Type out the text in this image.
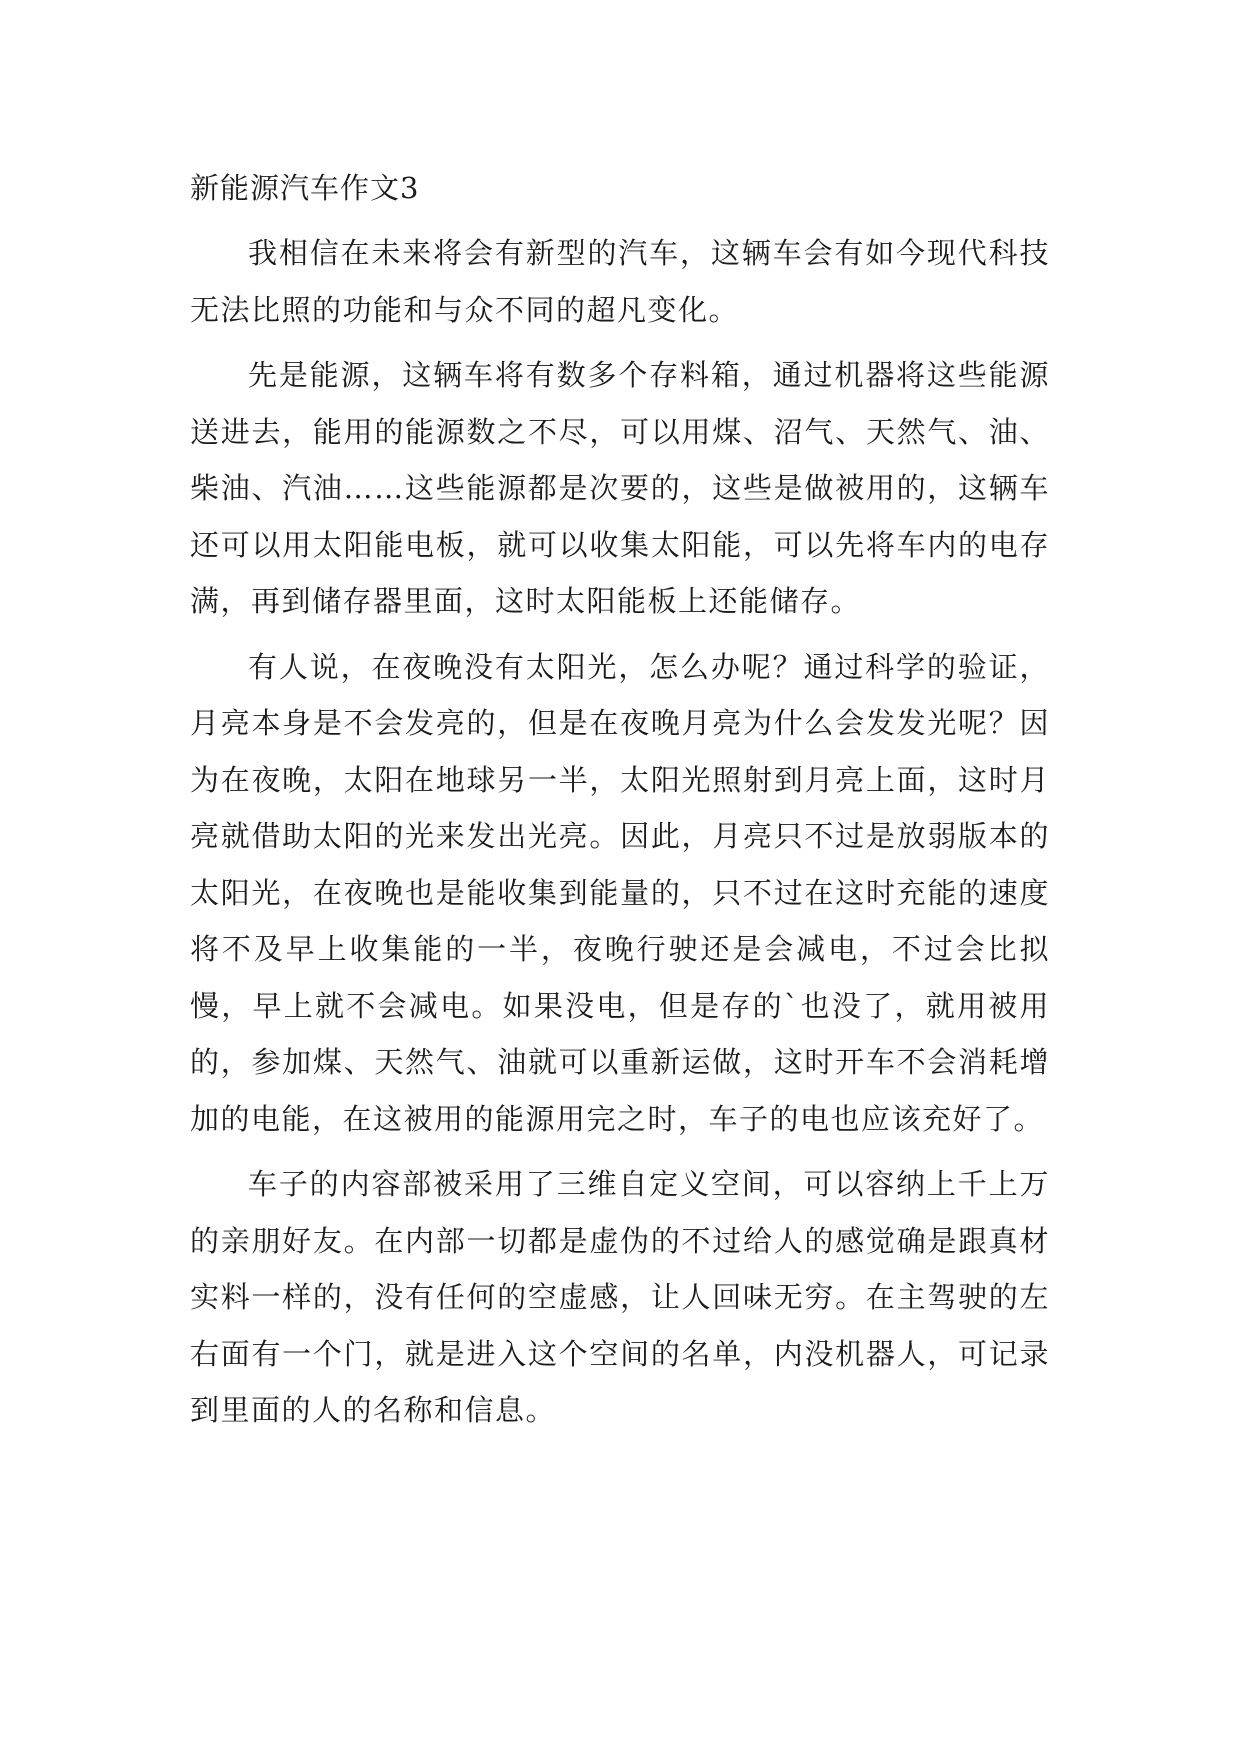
新能源汽车作文3

我相信在未来将会有新型的汽车，这辆车会有如今现代科技无法比照的功能和与众不同的超凡变化。

先是能源，这辆车将有数多个存料箱，通过机器将这些能源送进去，能用的能源数之不尽，可以用煤、沼气、天然气、油、柴油、汽油……这些能源都是次要的，这些是做被用的，这辆车还可以用太阳能电板，就可以收集太阳能，可以先将车内的电存满，再到储存器里面，这时太阳能板上还能储存。

有人说，在夜晚没有太阳光，怎么办呢？通过科学的验证，月亮本身是不会发亮的，但是在夜晚月亮为什么会发发光呢？因为在夜晚，太阳在地球另一半，太阳光照射到月亮上面，这时月亮就借助太阳的光来发出光亮。因此，月亮只不过是放弱版本的太阳光，在夜晚也是能收集到能量的，只不过在这时充能的速度将不及早上收集能的一半，夜晚行驶还是会减电，不过会比拟慢，早上就不会减电。如果没电，但是存的`也没了，就用被用的，参加煤、天然气、油就可以重新运做，这时开车不会消耗增加的电能，在这被用的能源用完之时，车子的电也应该充好了。

车子的内容部被采用了三维自定义空间，可以容纳上千上万的亲朋好友。在内部一切都是虚伪的不过给人的感觉确是跟真材实料一样的，没有任何的空虚感，让人回味无穷。在主驾驶的左右面有一个门，就是进入这个空间的名单，内没机器人，可记录到里面的人的名称和信息。
